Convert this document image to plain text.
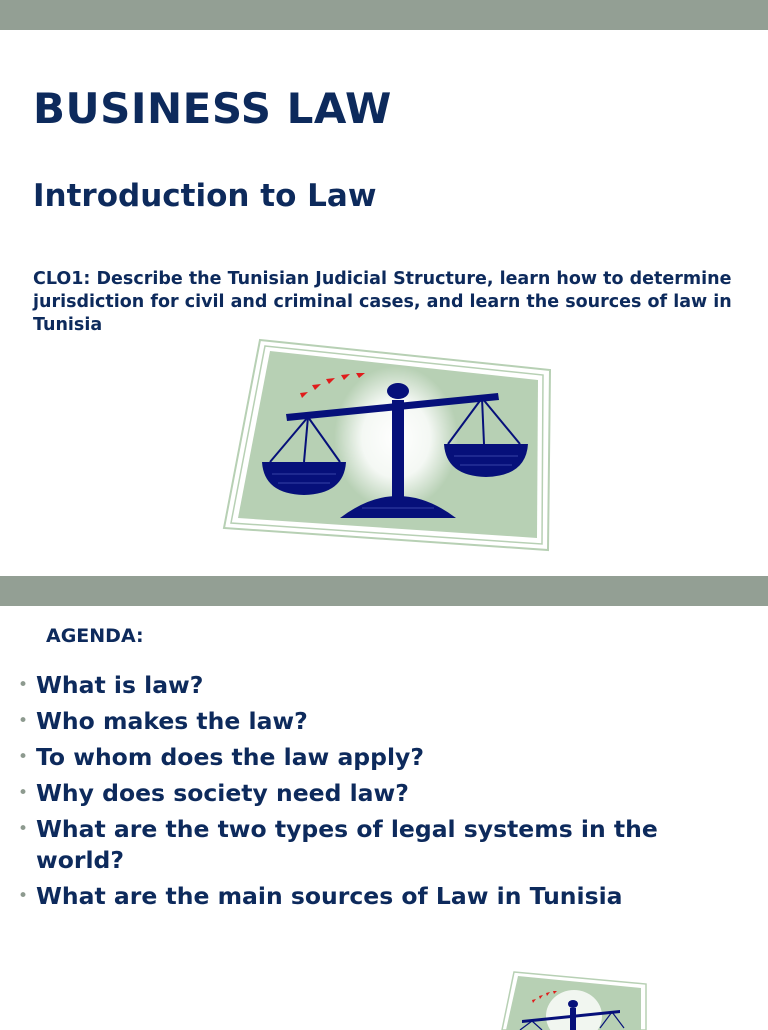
BUSINESS LAW
Introduction to Law

CLO1: Describe the Tunisian Judicial Structure, learn how to determine jurisdiction for civil and criminal cases, and learn the sources of law in Tunisia

AGENDA:

• What is law?
• Who makes the law?
• To whom does the law apply?
• Why does society need law?
• What are the two types of legal systems in the world?
• What are the main sources of Law in Tunisia
